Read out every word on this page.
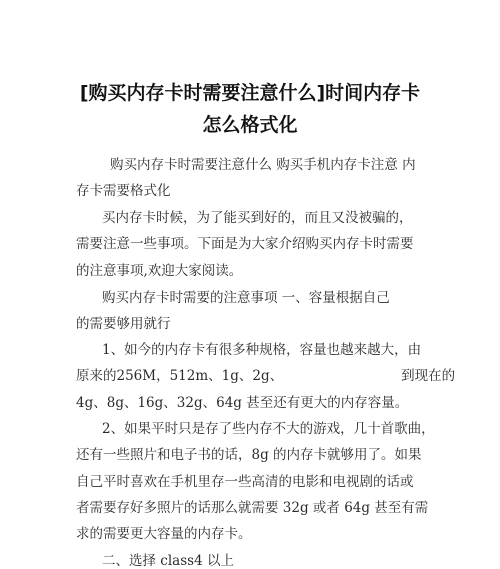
[购买内存卡时需要注意什么]时间内存卡
怎么格式化
购买内存卡时需要注意什么 购买手机内存卡注意 内
存卡需要格式化
买内存卡时候，为了能买到好的，而且又没被骗的，
需要注意一些事项。下面是为大家介绍购买内存卡时需要
的注意事项,欢迎大家阅读。
购买内存卡时需要的注意事项 一、容量根据自己
的需要够用就行
1、如今的内存卡有很多种规格，容量也越来越大，由
原来的256M，512m、1g、2g、	到现在的
4g、8g、16g、32g、64g 甚至还有更大的内存容量。
2、如果平时只是存了些内存不大的游戏，几十首歌曲，
还有一些照片和电子书的话，8g 的内存卡就够用了。如果
自己平时喜欢在手机里存一些高清的电影和电视剧的话或
者需要存好多照片的话那么就需要 32g 或者 64g 甚至有需
求的需要更大容量的内存卡。
二、选择 class4 以上
